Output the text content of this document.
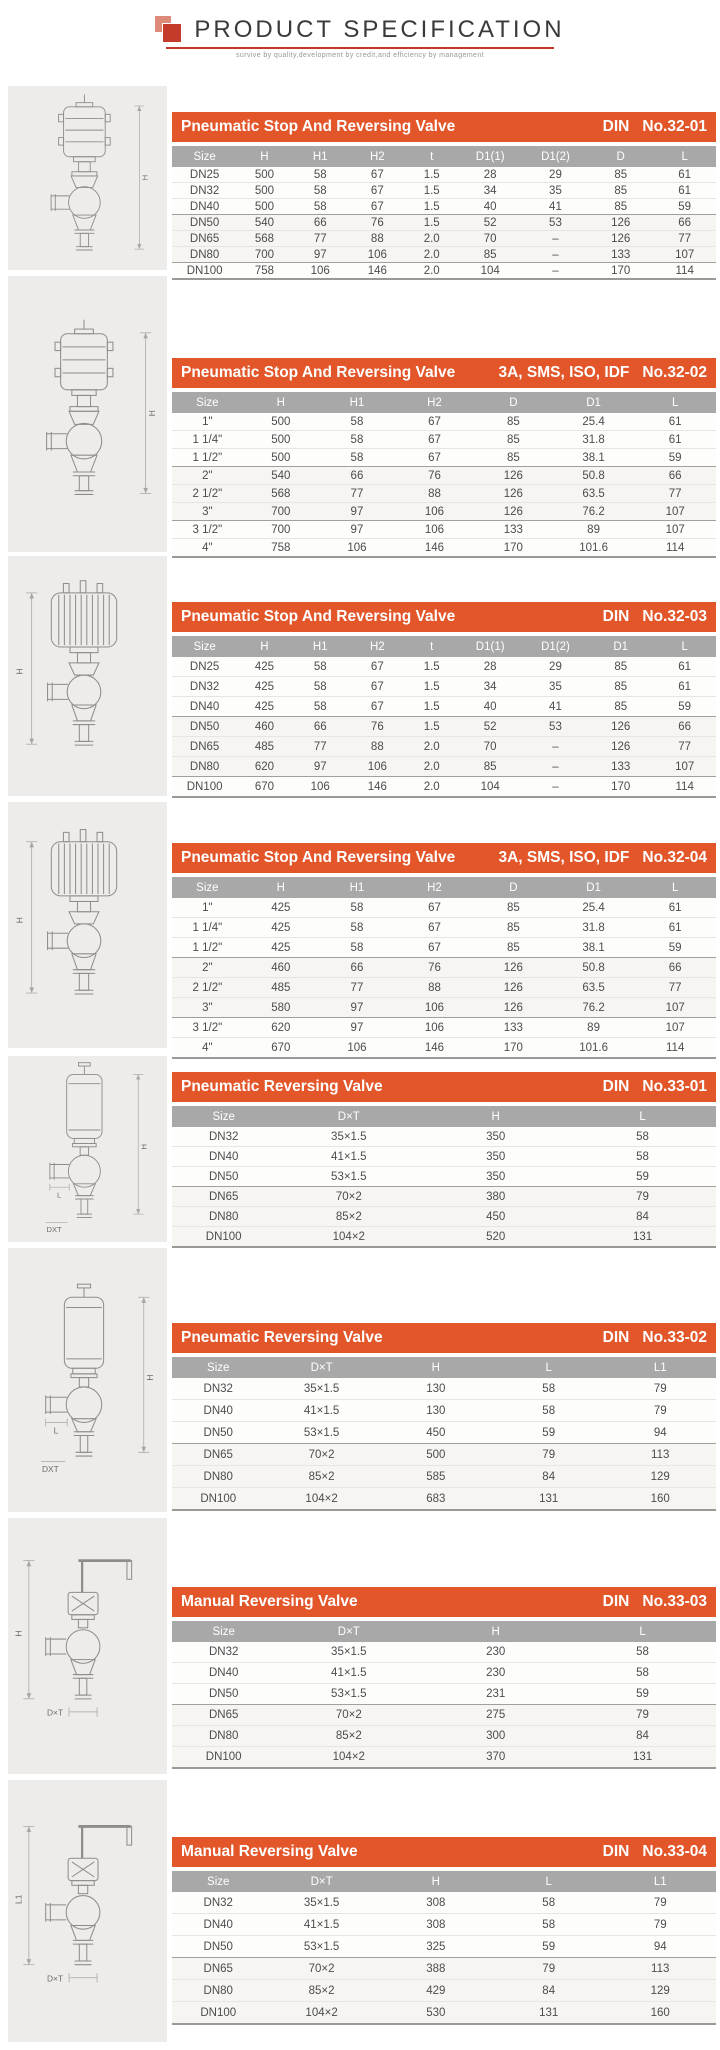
PRODUCT SPECIFICATION
survive by quality,development by credit,and efficiency by management
H
Pneumatic Stop And Reversing Valve	DIN No.32-01
Size	H	H1	H2	t	D1(1)	D1(2)	D	L
DN25	500	58	67	1.5	28	29	85	61
DN32	500	58	67	1.5	34	35	85	61
DN40	500	58	67	1.5	40	41	85	59
DN50	540	66	76	1.5	52	53	126	66
DN65	568	77	88	2.0	70	–	126	77
DN80	700	97	106	2.0	85	–	133	107
DN100	758	106	146	2.0	104	–	170	114
H
Pneumatic Stop And Reversing Valve	3A, SMS, ISO, IDF No.32-02
Size	H	H1	H2	D	D1	L
1"	500	58	67	85	25.4	61
1 1/4"	500	58	67	85	31.8	61
1 1/2"	500	58	67	85	38.1	59
2"	540	66	76	126	50.8	66
2 1/2"	568	77	88	126	63.5	77
3"	700	97	106	126	76.2	107
3 1/2"	700	97	106	133	89	107
4"	758	106	146	170	101.6	114
H
Pneumatic Stop And Reversing Valve	DIN No.32-03
Size	H	H1	H2	t	D1(1)	D1(2)	D1	L
DN25	425	58	67	1.5	28	29	85	61
DN32	425	58	67	1.5	34	35	85	61
DN40	425	58	67	1.5	40	41	85	59
DN50	460	66	76	1.5	52	53	126	66
DN65	485	77	88	2.0	70	–	126	77
DN80	620	97	106	2.0	85	–	133	107
DN100	670	106	146	2.0	104	–	170	114
H
Pneumatic Stop And Reversing Valve	3A, SMS, ISO, IDF No.32-04
Size	H	H1	H2	D	D1	L
1"	425	58	67	85	25.4	61
1 1/4"	425	58	67	85	31.8	61
1 1/2"	425	58	67	85	38.1	59
2"	460	66	76	126	50.8	66
2 1/2"	485	77	88	126	63.5	77
3"	580	97	106	126	76.2	107
3 1/2"	620	97	106	133	89	107
4"	670	106	146	170	101.6	114
H
L
DXT
Pneumatic Reversing Valve	DIN No.33-01
Size	D×T	H	L
DN32	35×1.5	350	58
DN40	41×1.5	350	58
DN50	53×1.5	350	59
DN65	70×2	380	79
DN80	85×2	450	84
DN100	104×2	520	131
H
L
DXT
Pneumatic Reversing Valve	DIN No.33-02
Size	D×T	H	L	L1
DN32	35×1.5	130	58	79
DN40	41×1.5	130	58	79
DN50	53×1.5	450	59	94
DN65	70×2	500	79	113
DN80	85×2	585	84	129
DN100	104×2	683	131	160
H
D×T
Manual Reversing Valve	DIN No.33-03
Size	D×T	H	L
DN32	35×1.5	230	58
DN40	41×1.5	230	58
DN50	53×1.5	231	59
DN65	70×2	275	79
DN80	85×2	300	84
DN100	104×2	370	131
L1
D×T
Manual Reversing Valve	DIN No.33-04
Size	D×T	H	L	L1
DN32	35×1.5	308	58	79
DN40	41×1.5	308	58	79
DN50	53×1.5	325	59	94
DN65	70×2	388	79	113
DN80	85×2	429	84	129
DN100	104×2	530	131	160
